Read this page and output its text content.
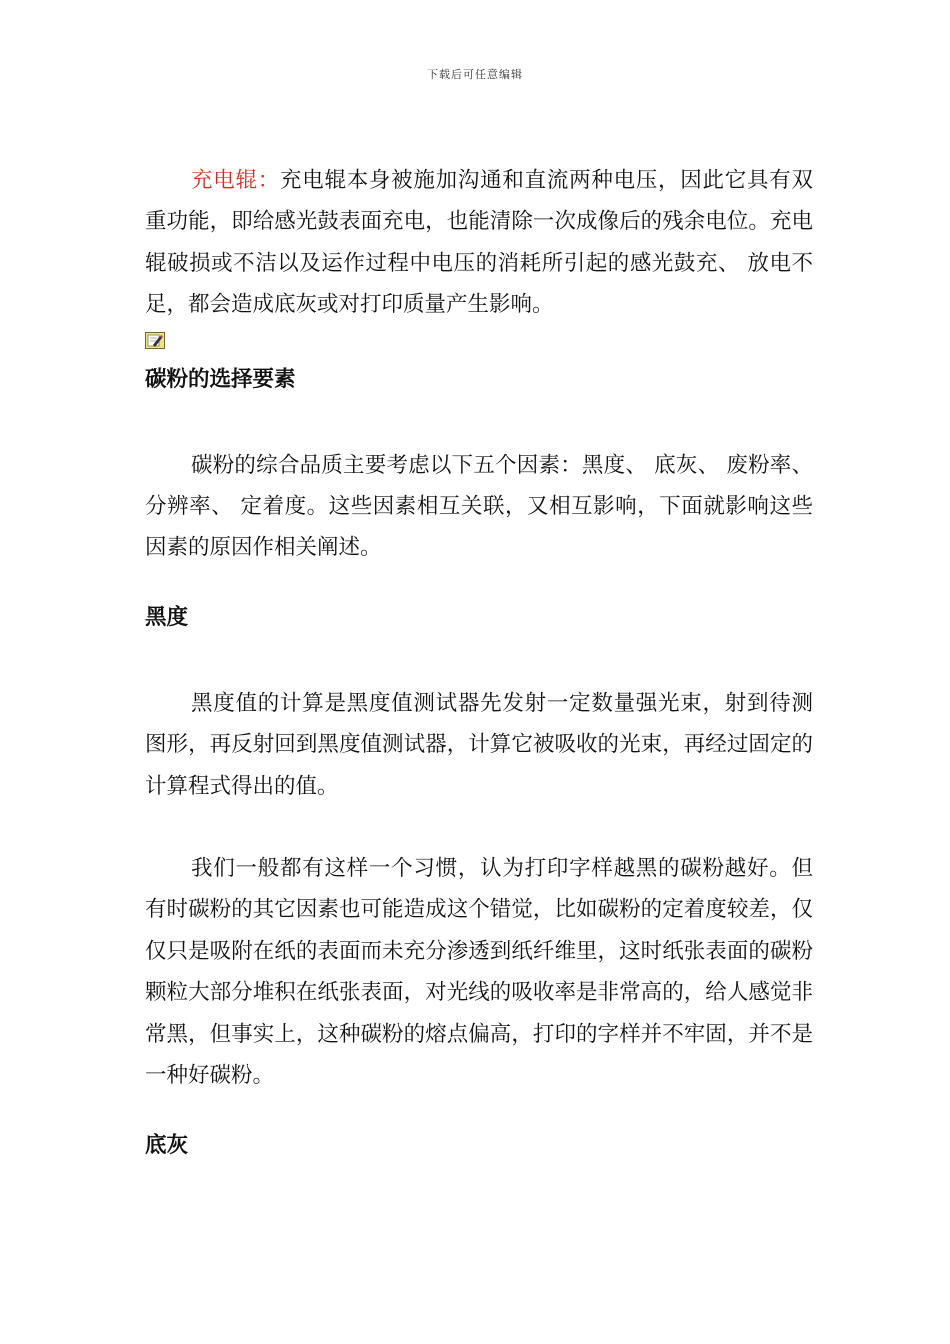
下载后可任意编辑

充电辊：充电辊本身被施加沟通和直流两种电压，因此它具有双重功能，即给感光鼓表面充电，也能清除一次成像后的残余电位。充电辊破损或不洁以及运作过程中电压的消耗所引起的感光鼓充、 放电不足，都会造成底灰或对打印质量产生影响。

碳粉的选择要素

碳粉的综合品质主要考虑以下五个因素：黑度、 底灰、 废粉率、 分辨率、 定着度。这些因素相互关联，又相互影响，下面就影响这些因素的原因作相关阐述。

黑度

黑度值的计算是黑度值测试器先发射一定数量强光束，射到待测图形，再反射回到黑度值测试器，计算它被吸收的光束，再经过固定的计算程式得出的值。

我们一般都有这样一个习惯，认为打印字样越黑的碳粉越好。但有时碳粉的其它因素也可能造成这个错觉，比如碳粉的定着度较差，仅仅只是吸附在纸的表面而未充分渗透到纸纤维里，这时纸张表面的碳粉颗粒大部分堆积在纸张表面，对光线的吸收率是非常高的，给人感觉非常黑，但事实上，这种碳粉的熔点偏高，打印的字样并不牢固，并不是一种好碳粉。

底灰
